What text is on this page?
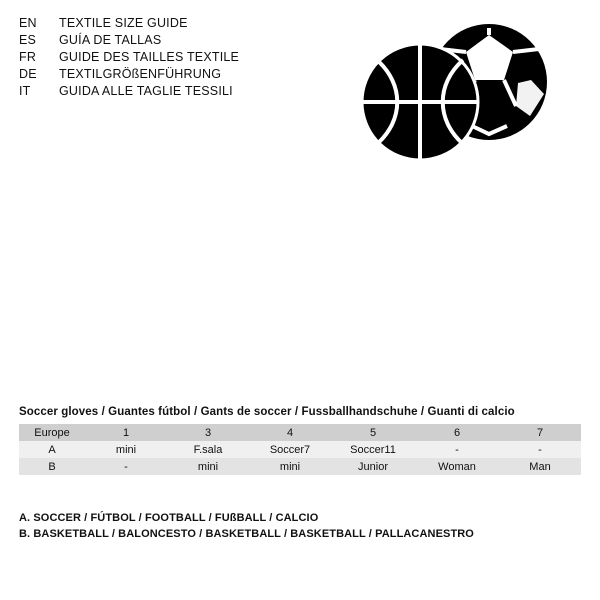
EN	TEXTILE SIZE GUIDE
ES	GUÍA DE TALLAS
FR	GUIDE DES TAILLES TEXTILE
DE	TEXTILGRÖßENFÜHRUNG
IT	GUIDA ALLE TAGLIE TESSILI
Soccer gloves / Guantes fútbol / Gants de soccer / Fussballhandschuhe / Guanti di calcio
Europe	1	3	4	5	6	7
A	mini	F.sala	Soccer7	Soccer11	-	-
B	-	mini	mini	Junior	Woman	Man
A. SOCCER / FÚTBOL / FOOTBALL / FUßBALL / CALCIO
B. BASKETBALL / BALONCESTO / BASKETBALL / BASKETBALL / PALLACANESTRO
